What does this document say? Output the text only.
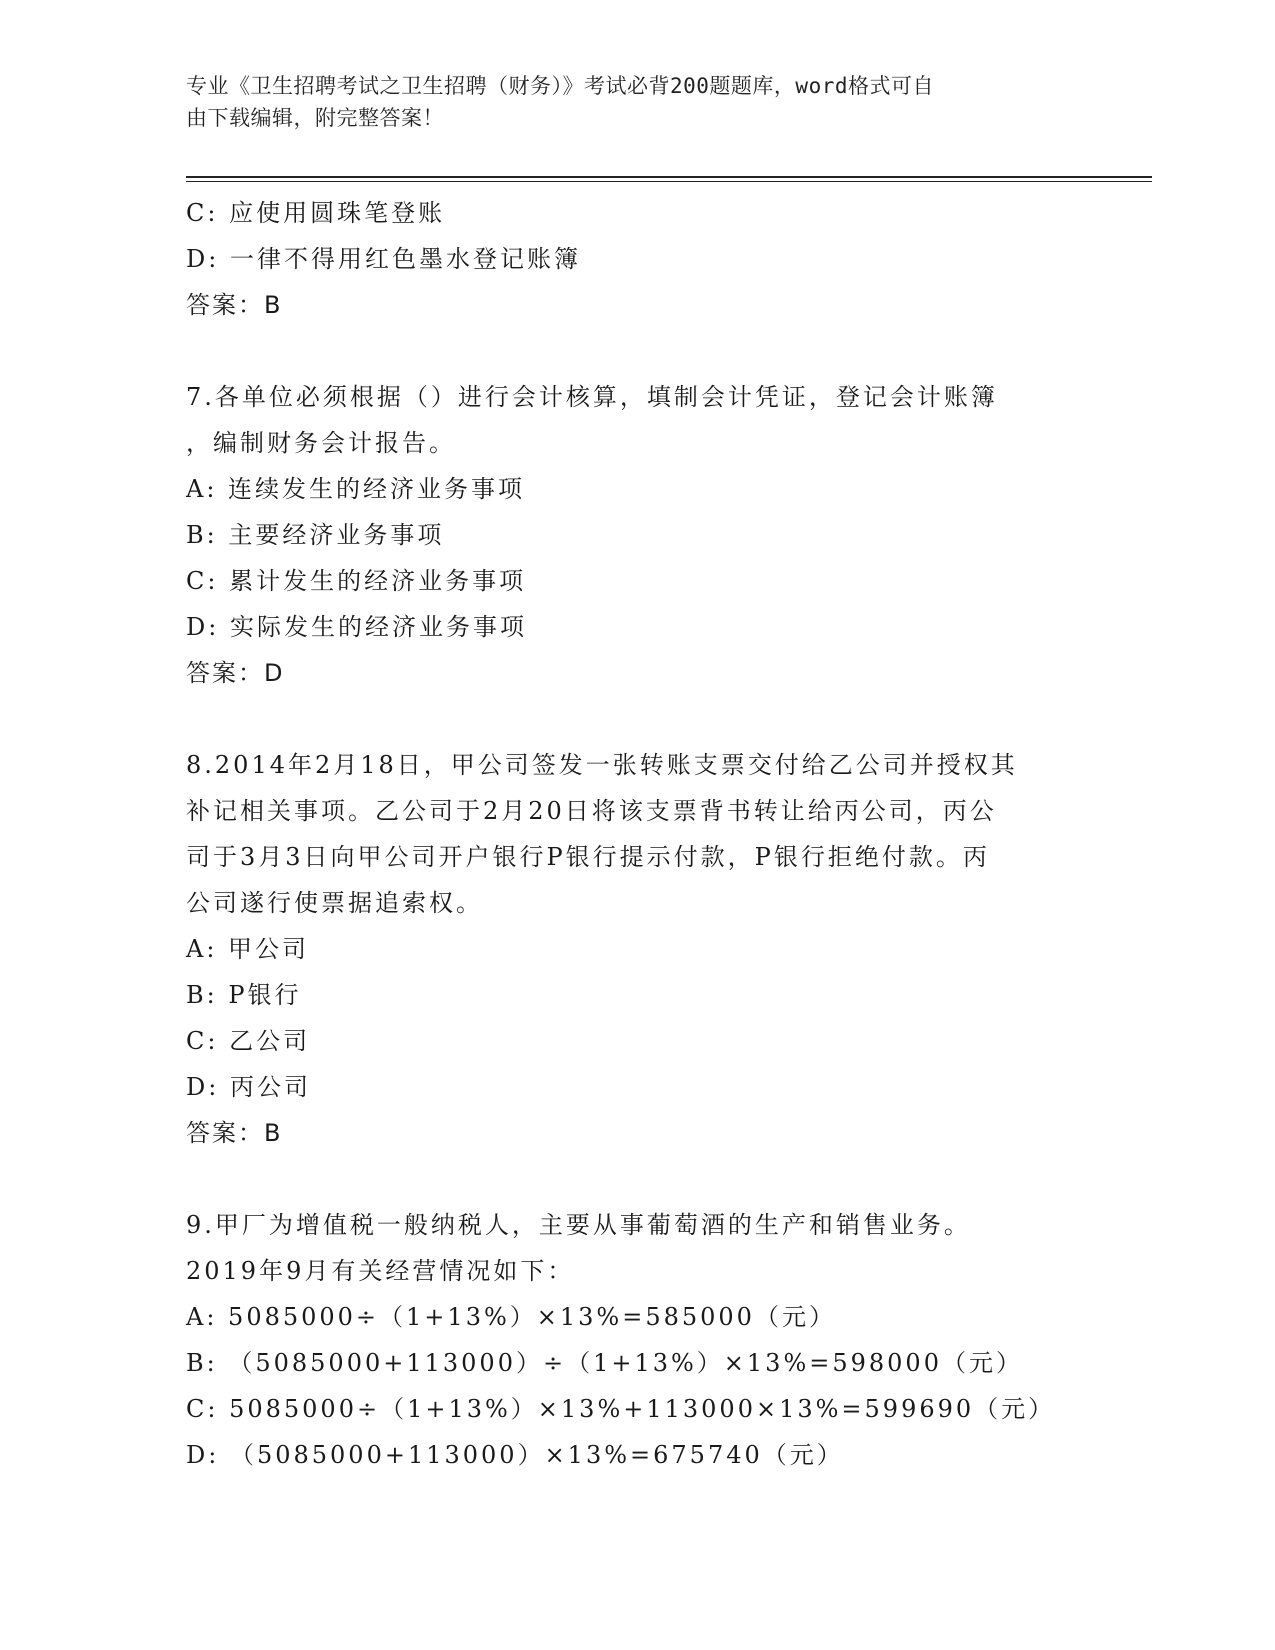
专业《卫生招聘考试之卫生招聘（财务）》考试必背200题题库，word格式可自
由下载编辑，附完整答案！
C: 应使用圆珠笔登账
D: 一律不得用红色墨水登记账簿
答案：B
7.各单位必须根据（）进行会计核算，填制会计凭证，登记会计账簿
，编制财务会计报告。
A: 连续发生的经济业务事项
B: 主要经济业务事项
C: 累计发生的经济业务事项
D: 实际发生的经济业务事项
答案：D
8.2014年2月18日，甲公司签发一张转账支票交付给乙公司并授权其
补记相关事项。乙公司于2月20日将该支票背书转让给丙公司，丙公
司于3月3日向甲公司开户银行P银行提示付款，P银行拒绝付款。丙
公司遂行使票据追索权。
A: 甲公司
B: P银行
C: 乙公司
D: 丙公司
答案：B
9.甲厂为增值税一般纳税人，主要从事葡萄酒的生产和销售业务。
2019年9月有关经营情况如下：
A: 5085000÷（1+13%）×13%=585000（元）
B: （5085000+113000）÷（1+13%）×13%=598000（元）
C: 5085000÷（1+13%）×13%+113000×13%=599690（元）
D: （5085000+113000）×13%=675740（元）
